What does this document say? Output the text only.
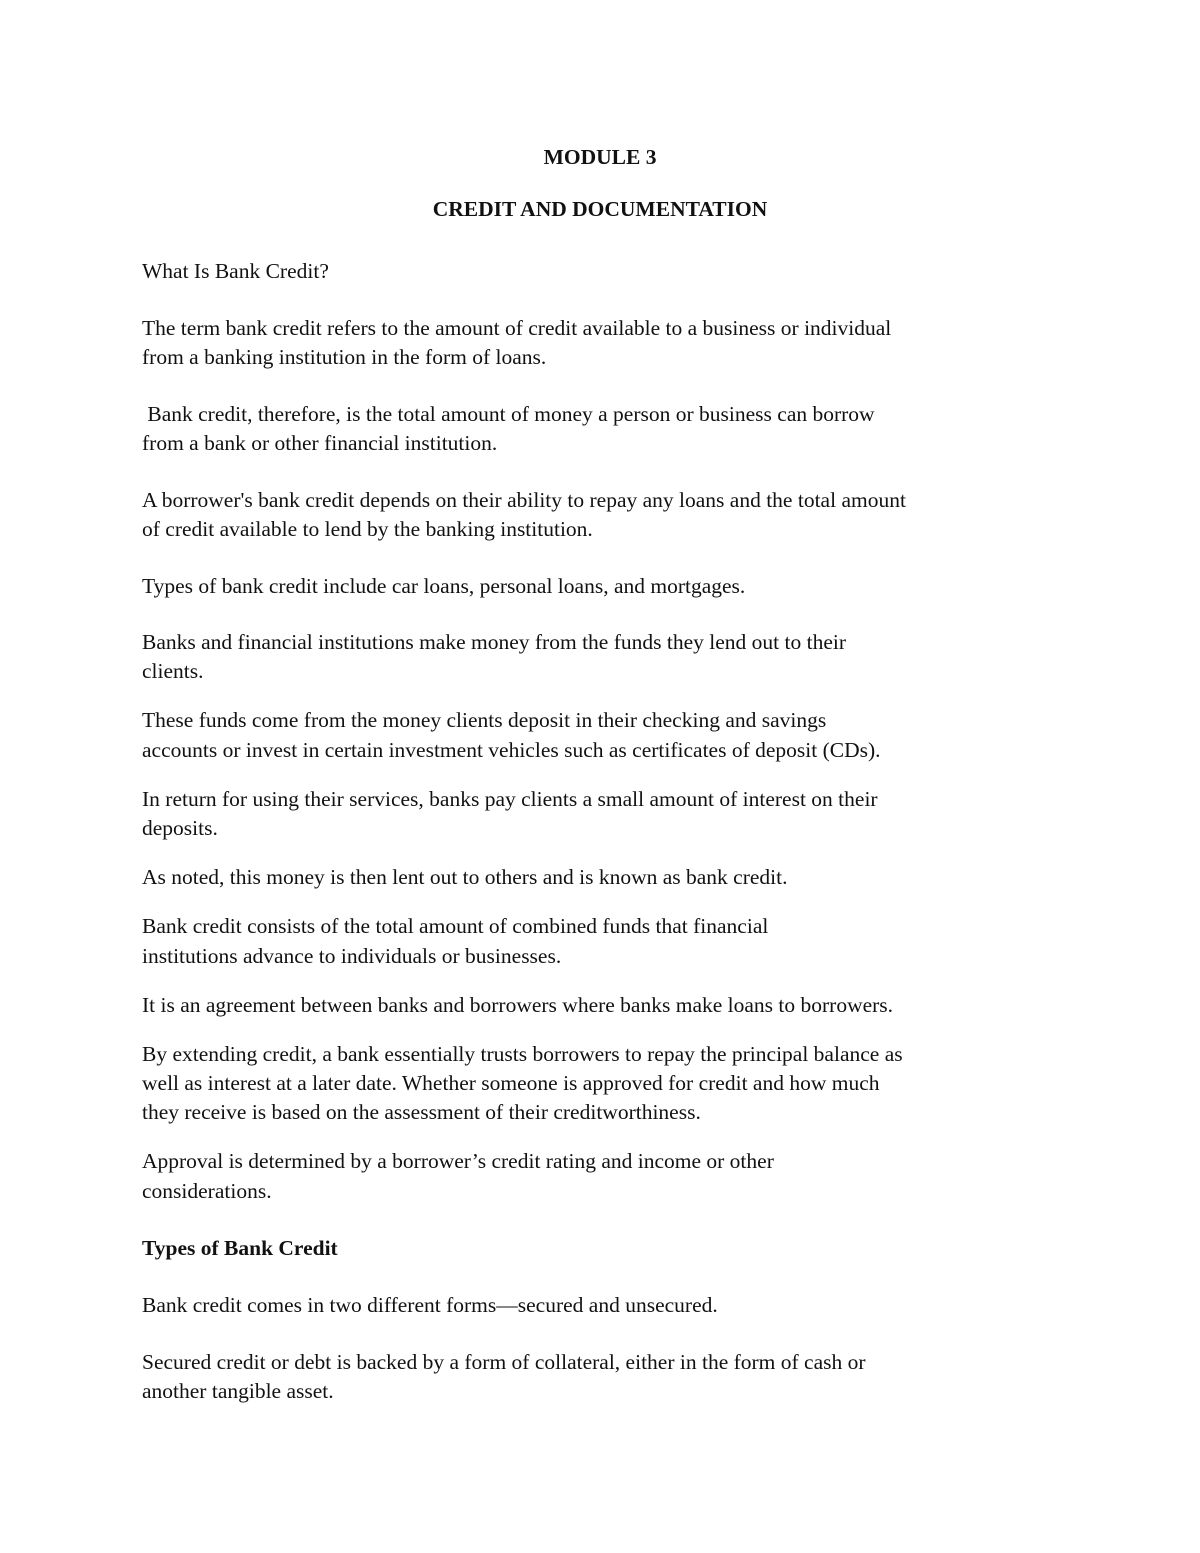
MODULE 3
CREDIT AND DOCUMENTATION
What Is Bank Credit?
The term bank credit refers to the amount of credit available to a business or individual
from a banking institution in the form of loans.
Bank credit, therefore, is the total amount of money a person or business can borrow
from a bank or other financial institution.
A borrower's bank credit depends on their ability to repay any loans and the total amount
of credit available to lend by the banking institution.
Types of bank credit include car loans, personal loans, and mortgages.
Banks and financial institutions make money from the funds they lend out to their
clients.
These funds come from the money clients deposit in their checking and savings
accounts or invest in certain investment vehicles such as certificates of deposit (CDs).
In return for using their services, banks pay clients a small amount of interest on their
deposits.
As noted, this money is then lent out to others and is known as bank credit.
Bank credit consists of the total amount of combined funds that financial
institutions advance to individuals or businesses.
It is an agreement between banks and borrowers where banks make loans to borrowers.
By extending credit, a bank essentially trusts borrowers to repay the principal balance as
well as interest at a later date. Whether someone is approved for credit and how much
they receive is based on the assessment of their creditworthiness.
Approval is determined by a borrower’s credit rating and income or other
considerations.
Types of Bank Credit
Bank credit comes in two different forms—secured and unsecured.
Secured credit or debt is backed by a form of collateral, either in the form of cash or
another tangible asset.
